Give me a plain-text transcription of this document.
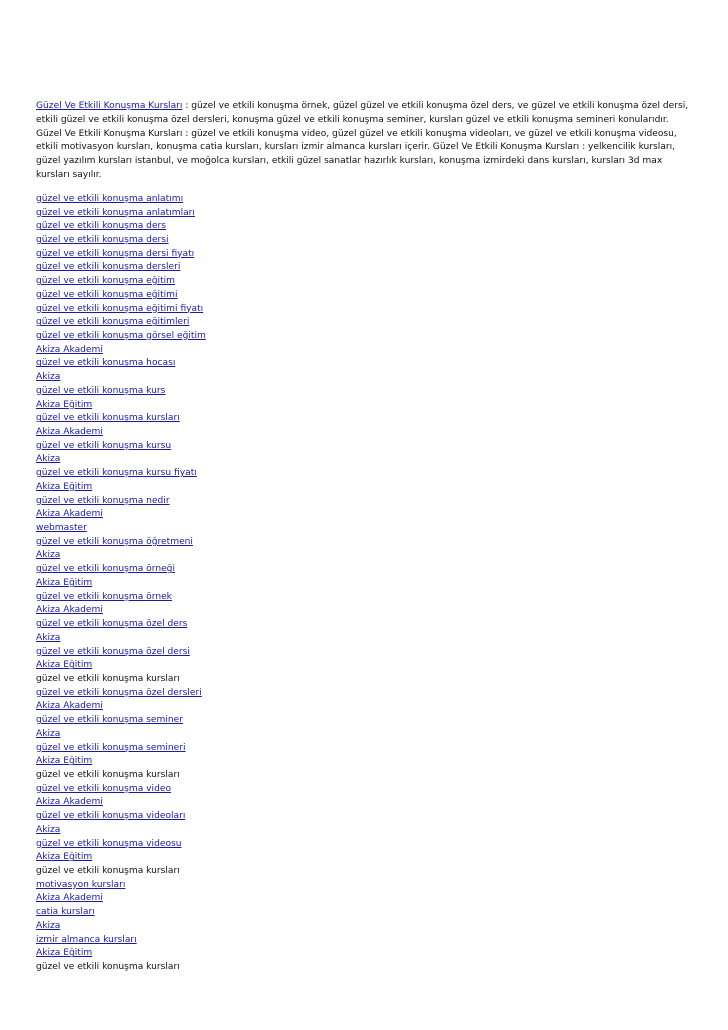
Güzel Ve Etkili Konuşma Kursları : güzel ve etkili konuşma örnek, güzel güzel ve etkili konuşma özel ders, ve güzel ve etkili konuşma özel dersi, etkili güzel ve etkili konuşma özel dersleri, konuşma güzel ve etkili konuşma seminer, kursları güzel ve etkili konuşma semineri konularıdır. Güzel Ve Etkili Konuşma Kursları : güzel ve etkili konuşma video, güzel güzel ve etkili konuşma videoları, ve güzel ve etkili konuşma videosu, etkili motivasyon kursları, konuşma catia kursları, kursları izmir almanca kursları içerir. Güzel Ve Etkili Konuşma Kursları : yelkencilik kursları, güzel yazılım kursları istanbul, ve moğolca kursları, etkili güzel sanatlar hazırlık kursları, konuşma izmirdeki dans kursları, kursları 3d max kursları sayılır.

güzel ve etkili konuşma anlatımı
güzel ve etkili konuşma anlatımları
güzel ve etkili konuşma ders
güzel ve etkili konuşma dersi
güzel ve etkili konuşma dersi fiyatı
güzel ve etkili konuşma dersleri
güzel ve etkili konuşma eğitim
güzel ve etkili konuşma eğitimi
güzel ve etkili konuşma eğitimi fiyatı
güzel ve etkili konuşma eğitimleri
güzel ve etkili konuşma görsel eğitim
Akiza Akademi
güzel ve etkili konuşma hocası
Akiza
güzel ve etkili konuşma kurs
Akiza Eğitim
güzel ve etkili konuşma kursları
Akiza Akademi
güzel ve etkili konuşma kursu
Akiza
güzel ve etkili konuşma kursu fiyatı
Akiza Eğitim
güzel ve etkili konuşma nedir
Akiza Akademi
webmaster
güzel ve etkili konuşma öğretmeni
Akiza
güzel ve etkili konuşma örneği
Akiza Eğitim
güzel ve etkili konuşma örnek
Akiza Akademi
güzel ve etkili konuşma özel ders
Akiza
güzel ve etkili konuşma özel dersi
Akiza Eğitim
güzel ve etkili konuşma kursları
güzel ve etkili konuşma özel dersleri
Akiza Akademi
güzel ve etkili konuşma seminer
Akiza
güzel ve etkili konuşma semineri
Akiza Eğitim
güzel ve etkili konuşma kursları
güzel ve etkili konuşma video
Akiza Akademi
güzel ve etkili konuşma videoları
Akiza
güzel ve etkili konuşma videosu
Akiza Eğitim
güzel ve etkili konuşma kursları
motivasyon kursları
Akiza Akademi
catia kursları
Akiza
izmir almanca kursları
Akiza Eğitim
güzel ve etkili konuşma kursları
